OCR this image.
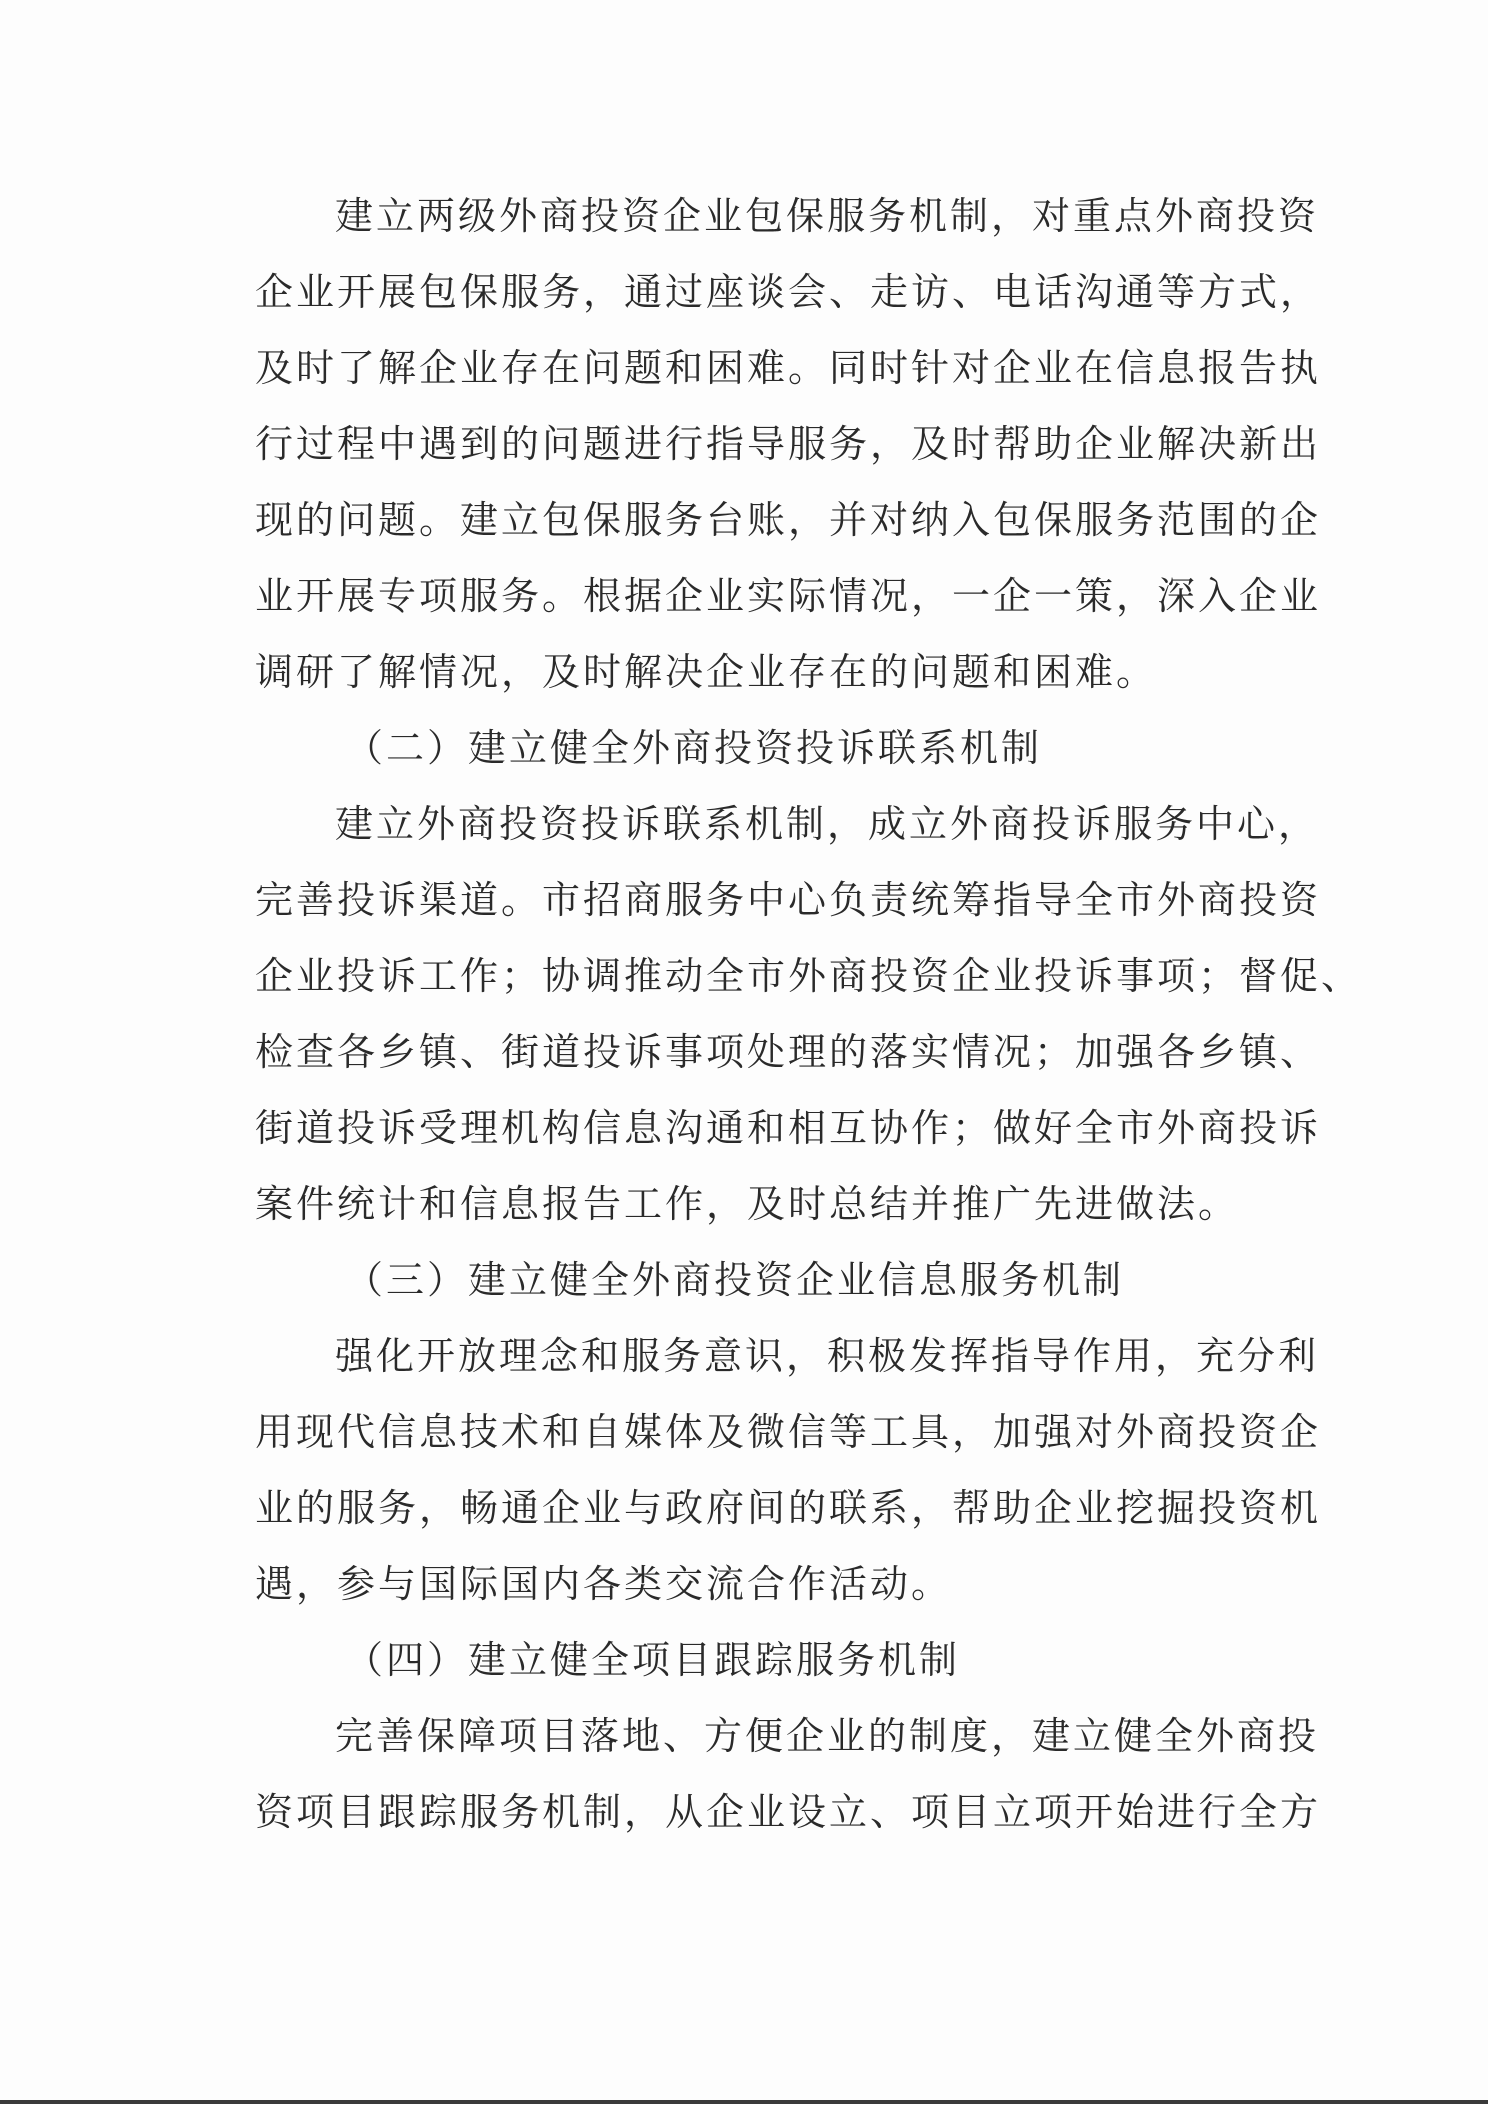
建立两级外商投资企业包保服务机制，对重点外商投资
企业开展包保服务，通过座谈会、走访、电话沟通等方式，
及时了解企业存在问题和困难。同时针对企业在信息报告执
行过程中遇到的问题进行指导服务，及时帮助企业解决新出
现的问题。建立包保服务台账，并对纳入包保服务范围的企
业开展专项服务。根据企业实际情况，一企一策，深入企业
调研了解情况，及时解决企业存在的问题和困难。
（二）建立健全外商投资投诉联系机制
建立外商投资投诉联系机制，成立外商投诉服务中心，
完善投诉渠道。市招商服务中心负责统筹指导全市外商投资
企业投诉工作；协调推动全市外商投资企业投诉事项；督促、
检查各乡镇、街道投诉事项处理的落实情况；加强各乡镇、
街道投诉受理机构信息沟通和相互协作；做好全市外商投诉
案件统计和信息报告工作，及时总结并推广先进做法。
（三）建立健全外商投资企业信息服务机制
强化开放理念和服务意识，积极发挥指导作用，充分利
用现代信息技术和自媒体及微信等工具，加强对外商投资企
业的服务，畅通企业与政府间的联系，帮助企业挖掘投资机
遇，参与国际国内各类交流合作活动。
（四）建立健全项目跟踪服务机制
完善保障项目落地、方便企业的制度，建立健全外商投
资项目跟踪服务机制，从企业设立、项目立项开始进行全方
